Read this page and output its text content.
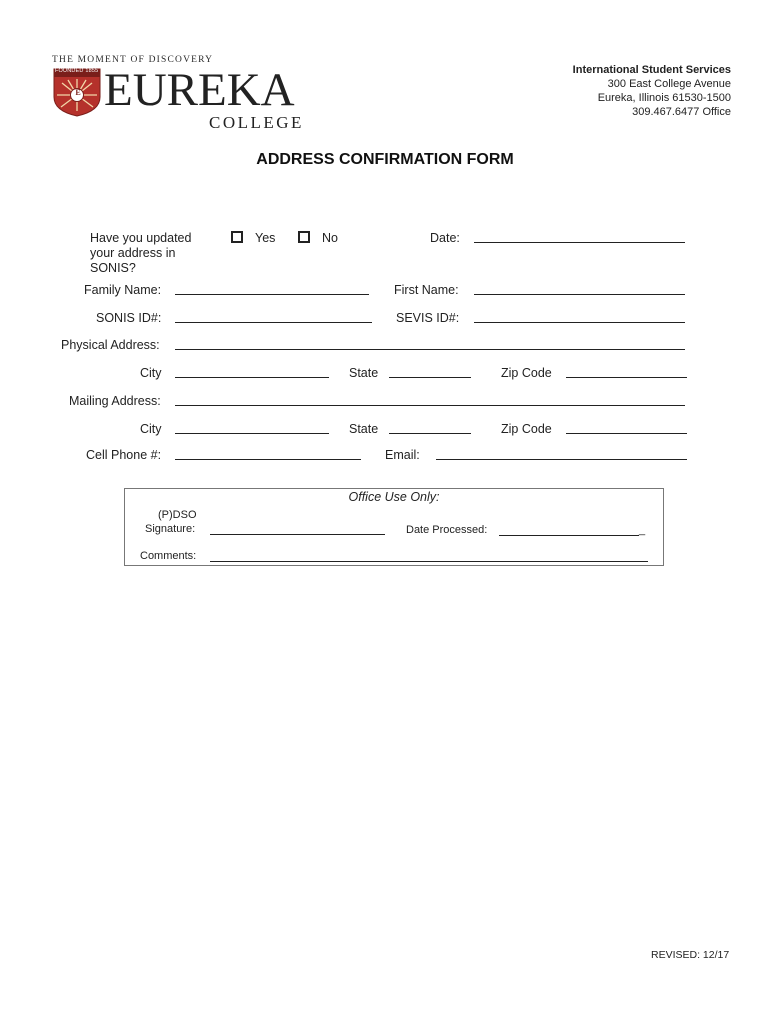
THE MOMENT OF DISCOVERY
FOUNDED 1855
E EUREKA
COLLEGE
International Student Services
300 East College Avenue
Eureka, Illinois 61530-1500
309.467.6477 Office
ADDRESS CONFIRMATION FORM
Have you updated
your address in
SONIS?
Yes	No	Date:
Family Name:	First Name:
SONIS ID#:	SEVIS ID#:
Physical Address:
City	State	Zip Code
Mailing Address:
City	State	Zip Code
Cell Phone #:	Email:
Office Use Only:
(P)DSO
Signature:	Date Processed:	_
Comments:
REVISED: 12/17
